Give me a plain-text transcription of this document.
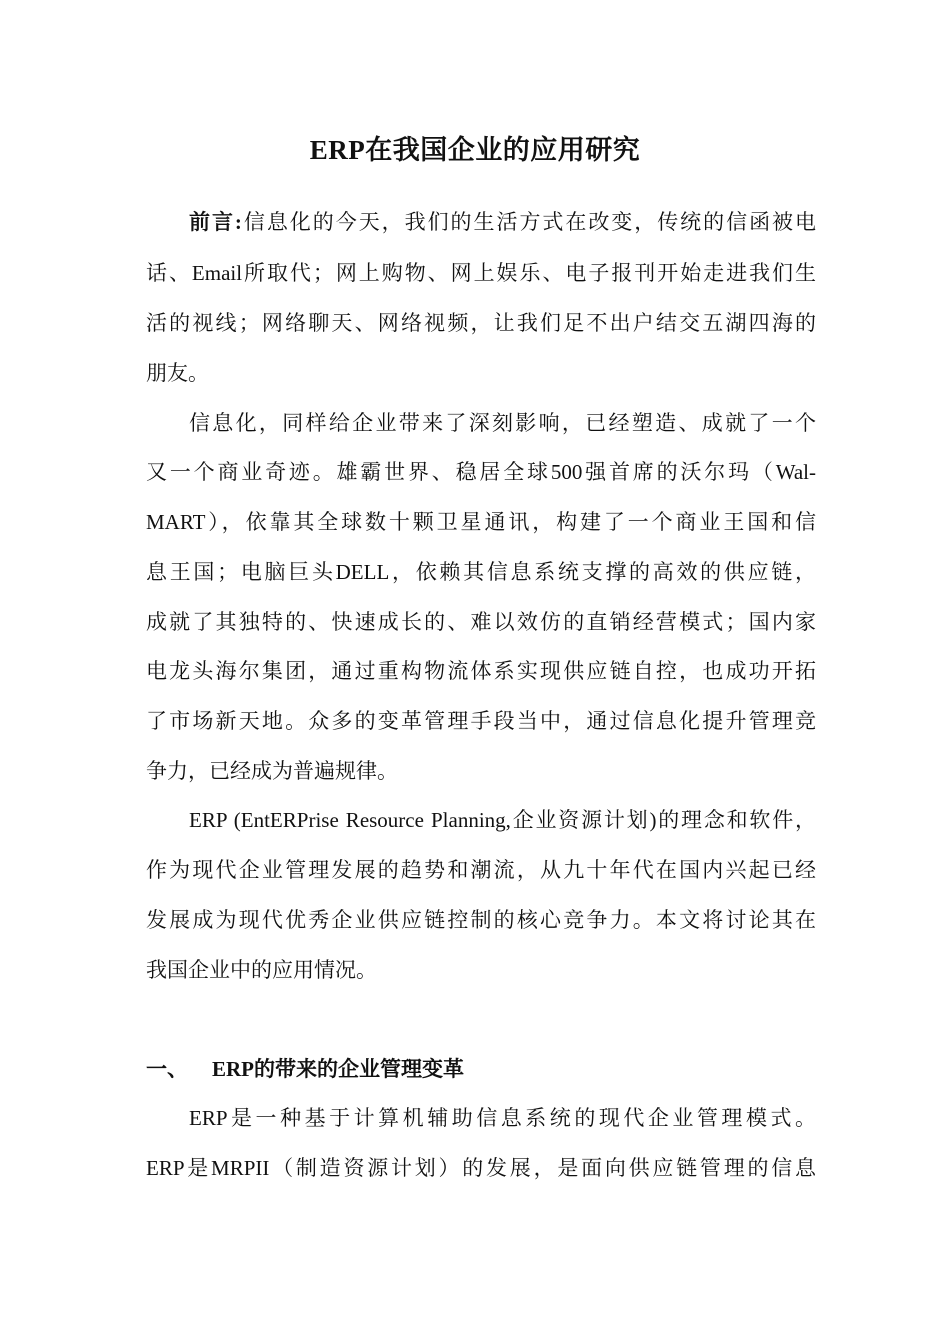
ERP在我国企业的应用研究
前言:信息化的今天，我们的生活方式在改变，传统的信函被电
话、Email所取代；网上购物、网上娱乐、电子报刊开始走进我们生
活的视线；网络聊天、网络视频，让我们足不出户结交五湖四海的
朋友。
信息化，同样给企业带来了深刻影响，已经塑造、成就了一个
又一个商业奇迹。雄霸世界、稳居全球500强首席的沃尔玛（Wal-
MART），依靠其全球数十颗卫星通讯，构建了一个商业王国和信
息王国；电脑巨头DELL，依赖其信息系统支撑的高效的供应链，
成就了其独特的、快速成长的、难以效仿的直销经营模式；国内家
电龙头海尔集团，通过重构物流体系实现供应链自控，也成功开拓
了市场新天地。众多的变革管理手段当中，通过信息化提升管理竞
争力，已经成为普遍规律。
ERP (EntERPrise Resource Planning,企业资源计划)的理念和软件，
作为现代企业管理发展的趋势和潮流，从九十年代在国内兴起已经
发展成为现代优秀企业供应链控制的核心竞争力。本文将讨论其在
我国企业中的应用情况。
一、 ERP的带来的企业管理变革
ERP是一种基于计算机辅助信息系统的现代企业管理模式。
ERP是MRPII（制造资源计划）的发展，是面向供应链管理的信息
